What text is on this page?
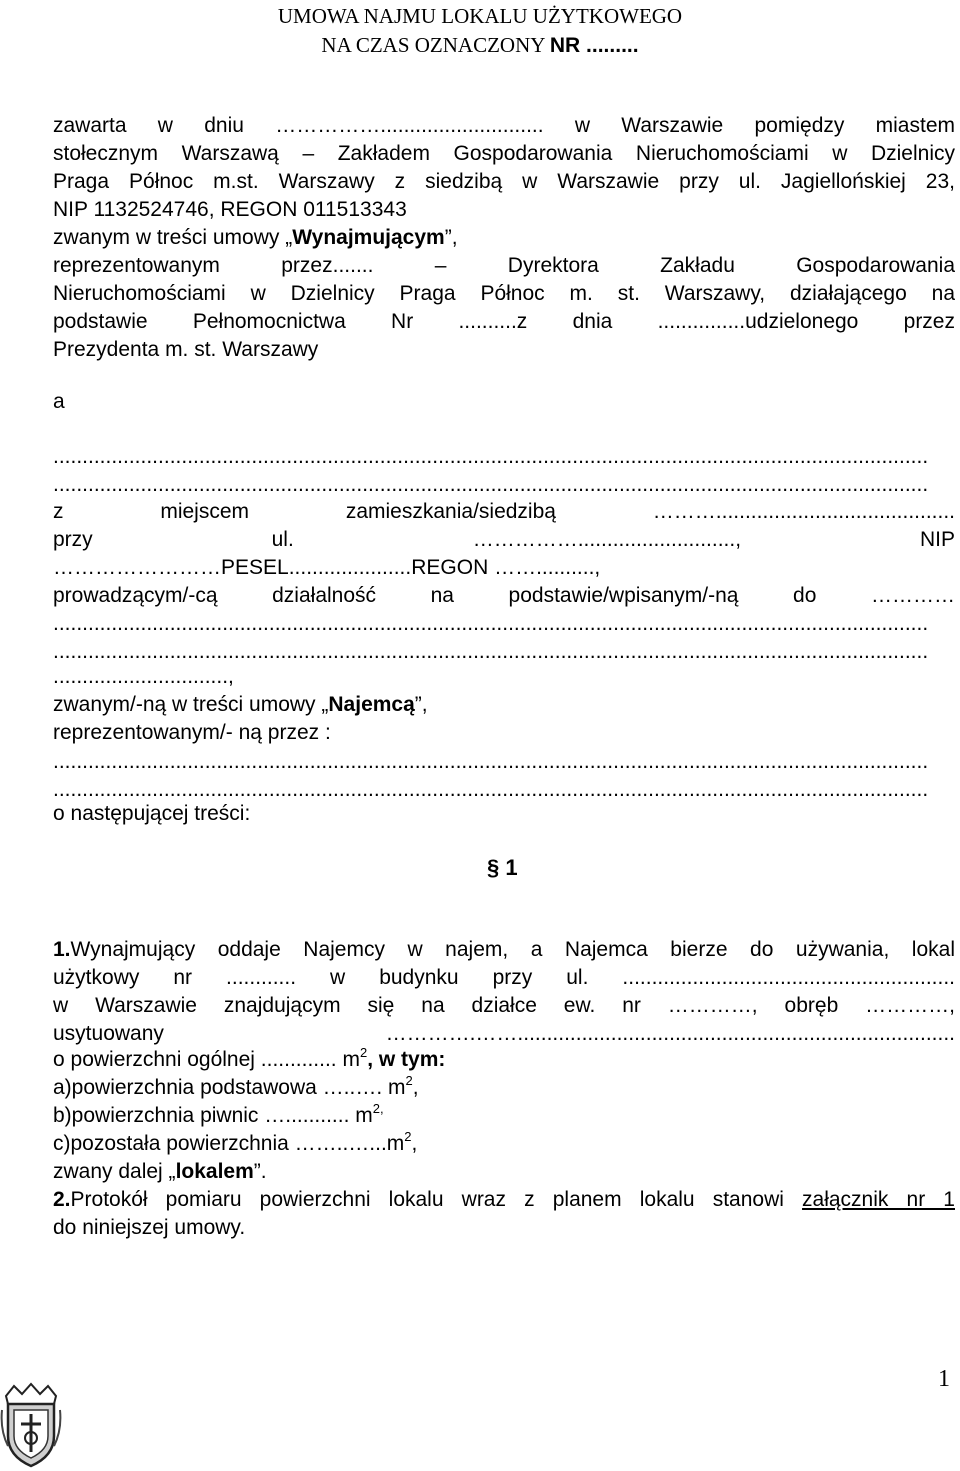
UMOWA NAJMU LOKALU UŻYTKOWEGO
NA CZAS OZNACZONY NR .........
zawarta w dniu ……………............................ w Warszawie pomiędzy miastem
stołecznym Warszawą – Zakładem Gospodarowania Nieruchomościami w Dzielnicy
Praga Północ m.st. Warszawy z siedzibą w Warszawie przy ul. Jagiellońskiej 23,
NIP 1132524746, REGON 011513343
zwanym w treści umowy „Wynajmującym”,
reprezentowanym przez....... – Dyrektora Zakładu Gospodarowania
Nieruchomościami w Dzielnicy Praga Północ m. st. Warszawy, działającego na
podstawie Pełnomocnictwa Nr ..........z dnia ...............udzielonego przez
Prezydenta m. st. Warszawy
a
......................................................................................................................................................
......................................................................................................................................................
z miejscem zamieszkania/siedzibą ……….........................................
przy ul. ……………..........................., NIP
……………………PESEL.....................REGON ……..........,
prowadzącym/-cą działalność na podstawie/wpisanym/-ną do …………
......................................................................................................................................................
......................................................................................................................................................
..............................,
zwanym/-ną w treści umowy „Najemcą”,
reprezentowanym/- ną przez :
......................................................................................................................................................
......................................................................................................................................................
o następującej treści:
§ 1
1.Wynajmujący oddaje Najemcy w najem, a Najemca bierze do używania, lokal
użytkowy nr ............ w budynku przy ul. .........................................................
w Warszawie znajdującym się na działce ew. nr …………, obręb …………,
usytuowany ………….……...........................................................................
o powierzchni ogólnej ............. $m^2$, w tym:
a)powierzchnia podstawowa …..…. $m^2$,
b)powierzchnia piwnic …........... $m^{2,}$
c)pozostała powierzchnia $\dots\dots..\dots...m^2$,
zwany dalej „lokalem”.
2.Protokół pomiaru powierzchni lokalu wraz z planem lokalu stanowi załącznik nr 1
do niniejszej umowy.
1
